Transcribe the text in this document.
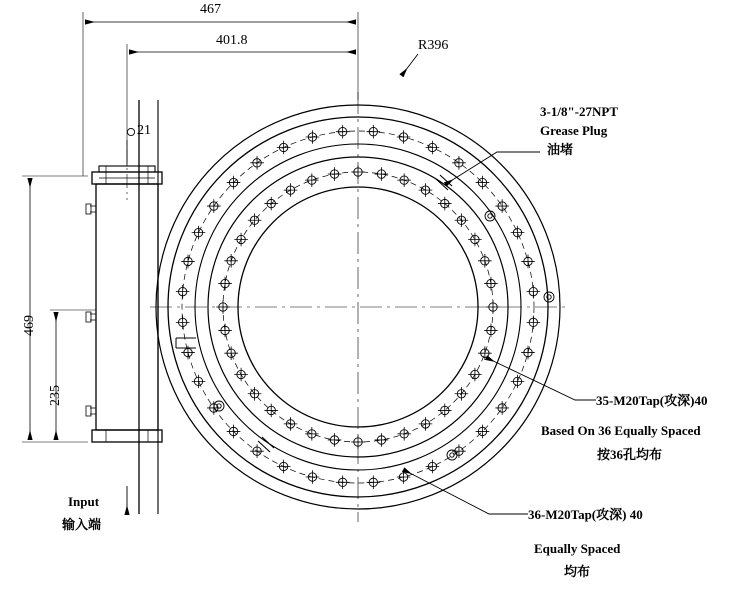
467
401.8
469
235
21
R396
3-1/8"-27NPT
Grease Plug
油堵
35-M20Tap(攻深)40
Based On 36 Equally Spaced
按36孔均布
36-M20Tap(攻深) 40
Equally Spaced
均布
Input
输入端
